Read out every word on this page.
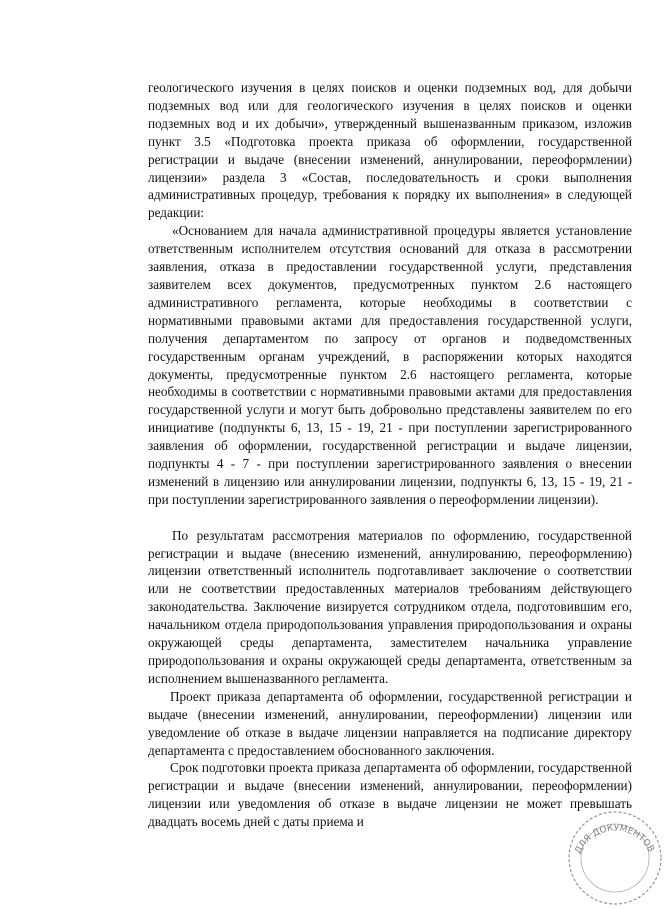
геологического изучения в целях поисков и оценки подземных вод, для добычи подземных вод или для геологического изучения в целях поисков и оценки подземных вод и их добычи», утвержденный вышеназванным приказом, изложив пункт 3.5 «Подготовка проекта приказа об оформлении, государственной регистрации и выдаче (внесении изменений, аннулировании, переоформлении) лицензии» раздела 3 «Состав, последовательность и сроки выполнения административных процедур, требования к порядку их выполнения» в следующей редакции:

«Основанием для начала административной процедуры является установление ответственным исполнителем отсутствия оснований для отказа в рассмотрении заявления, отказа в предоставлении государственной услуги, представления заявителем всех документов, предусмотренных пунктом 2.6 настоящего административного регламента, которые необходимы в соответствии с нормативными правовыми актами для предоставления государственной услуги, получения департаментом по запросу от органов и подведомственных государственным органам учреждений, в распоряжении которых находятся документы, предусмотренные пунктом 2.6 настоящего регламента, которые необходимы в соответствии с нормативными правовыми актами для предоставления государственной услуги и могут быть добровольно представлены заявителем по его инициативе (подпункты 6, 13, 15 - 19, 21 - при поступлении зарегистрированного заявления об оформлении, государственной регистрации и выдаче лицензии, подпункты 4 - 7 - при поступлении зарегистрированного заявления о внесении изменений в лицензию или аннулировании лицензии, подпункты 6, 13, 15 - 19, 21 - при поступлении зарегистрированного заявления о переоформлении лицензии).

По результатам рассмотрения материалов по оформлению, государственной регистрации и выдаче (внесению изменений, аннулированию, переоформлению) лицензии ответственный исполнитель подготавливает заключение о соответствии или не соответствии предоставленных материалов требованиям действующего законодательства. Заключение визируется сотрудником отдела, подготовившим его, начальником отдела природопользования управления природопользования и охраны окружающей среды департамента, заместителем начальника управление природопользования и охраны окружающей среды департамента, ответственным за исполнением вышеназванного регламента.

Проект приказа департамента об оформлении, государственной регистрации и выдаче (внесении изменений, аннулировании, переоформлении) лицензии или уведомление об отказе в выдаче лицензии направляется на подписание директору департамента с предоставлением обоснованного заключения.

Срок подготовки проекта приказа департамента об оформлении, государственной регистрации и выдаче (внесении изменений, аннулировании, переоформлении) лицензии или уведомления об отказе в выдаче лицензии не может превышать двадцать восемь дней с даты приема и

ДЛЯ ДОКУМЕНТОВ
